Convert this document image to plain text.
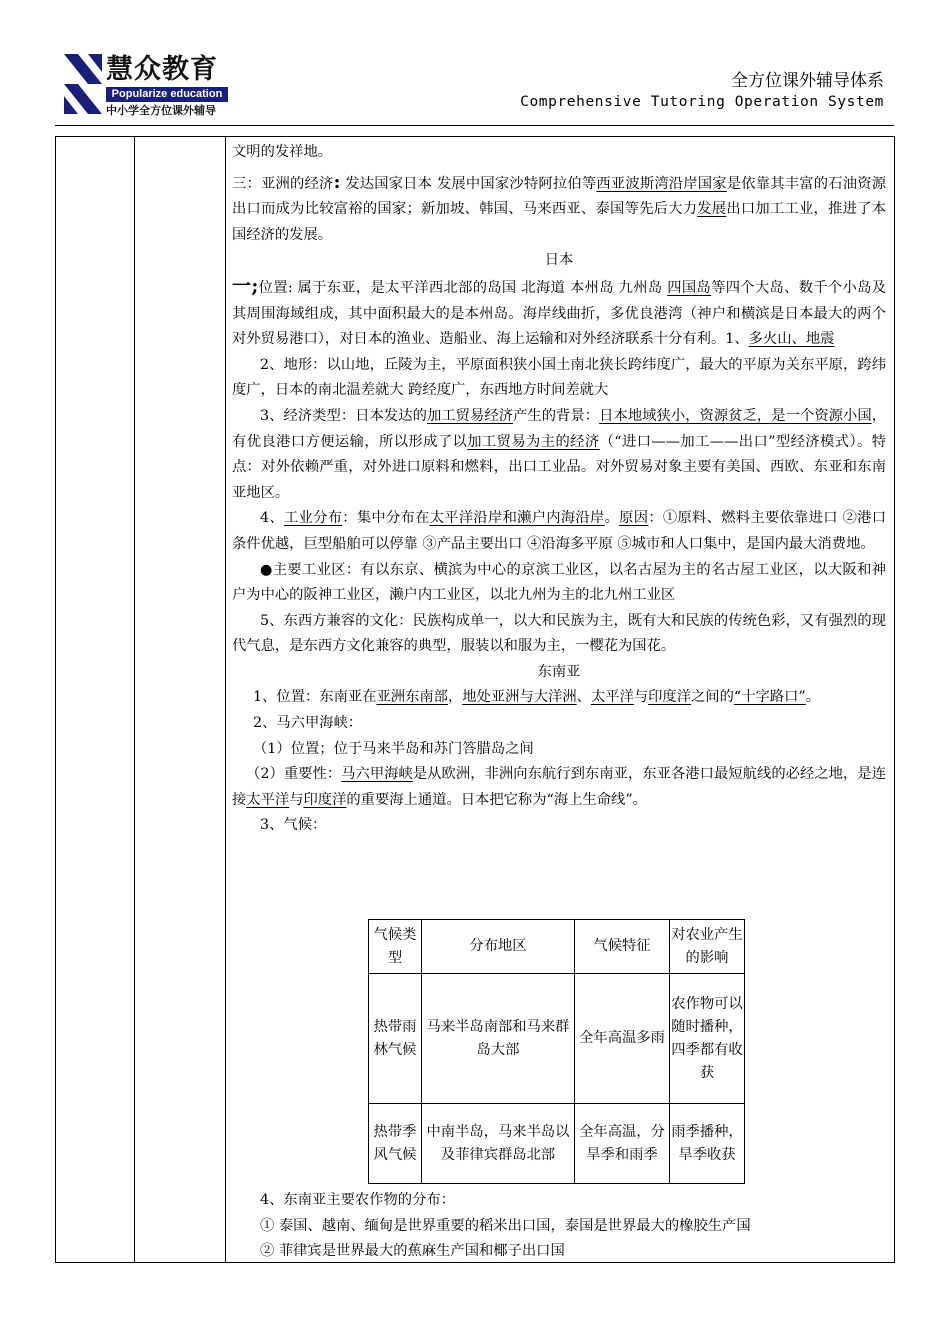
慧众教育
Popularize education
中小学全方位课外辅导
全方位课外辅导体系
Comprehensive Tutoring Operation System

文明的发祥地。

三：亚洲的经济: 发达国家日本 发展中国家沙特阿拉伯等西亚波斯湾沿岸国家是依靠其丰富的石油资源出口而成为比较富裕的国家；新加坡、韩国、马来西亚、泰国等先后大力发展出口加工工业，推进了本国经济的发展。

日本

一;位置: 属于东亚，是太平洋西北部的岛国 北海道 本州岛 九州岛 四国岛等四个大岛、数千个小岛及其周围海域组成，其中面积最大的是本州岛。海岸线曲折，多优良港湾（神户和横滨是日本最大的两个对外贸易港口），对日本的渔业、造船业、海上运输和对外经济联系十分有利。1、多火山、地震

2、地形：以山地，丘陵为主，平原面积狭小国土南北狭长跨纬度广，最大的平原为关东平原，跨纬度广，日本的南北温差就大 跨经度广，东西地方时间差就大

3、经济类型：日本发达的加工贸易经济产生的背景：日本地域狭小，资源贫乏，是一个资源小国，有优良港口方便运输，所以形成了以加工贸易为主的经济（“进口——加工——出口”型经济模式）。特点：对外依赖严重，对外进口原料和燃料，出口工业品。对外贸易对象主要有美国、西欧、东亚和东南亚地区。

4、工业分布：集中分布在太平洋沿岸和濑户内海沿岸。原因：①原料、燃料主要依靠进口 ②港口条件优越，巨型船舶可以停靠 ③产品主要出口 ④沿海多平原 ⑤城市和人口集中，是国内最大消费地。

●主要工业区：有以东京、横滨为中心的京滨工业区，以名古屋为主的名古屋工业区，以大阪和神户为中心的阪神工业区，濑户内工业区，以北九州为主的北九州工业区

5、东西方兼容的文化：民族构成单一，以大和民族为主，既有大和民族的传统色彩，又有强烈的现代气息，是东西方文化兼容的典型，服装以和服为主，一樱花为国花。

东南亚

1、位置：东南亚在亚洲东南部，地处亚洲与大洋洲、太平洋与印度洋之间的“十字路口”。

2、马六甲海峡：

（1）位置；位于马来半岛和苏门答腊岛之间

（2）重要性：马六甲海峡是从欧洲，非洲向东航行到东南亚，东亚各港口最短航线的必经之地，是连接太平洋与印度洋的重要海上通道。日本把它称为“海上生命线”。

3、气候：

气候类型	分布地区	气候特征	对农业产生的影响
热带雨林气候	马来半岛南部和马来群岛大部	全年高温多雨	农作物可以随时播种，四季都有收获
热带季风气候	中南半岛，马来半岛以及菲律宾群岛北部	全年高温，分旱季和雨季	雨季播种，旱季收获

4、东南亚主要农作物的分布：

① 泰国、越南、缅甸是世界重要的稻米出口国，泰国是世界最大的橡胶生产国

② 菲律宾是世界最大的蕉麻生产国和椰子出口国
